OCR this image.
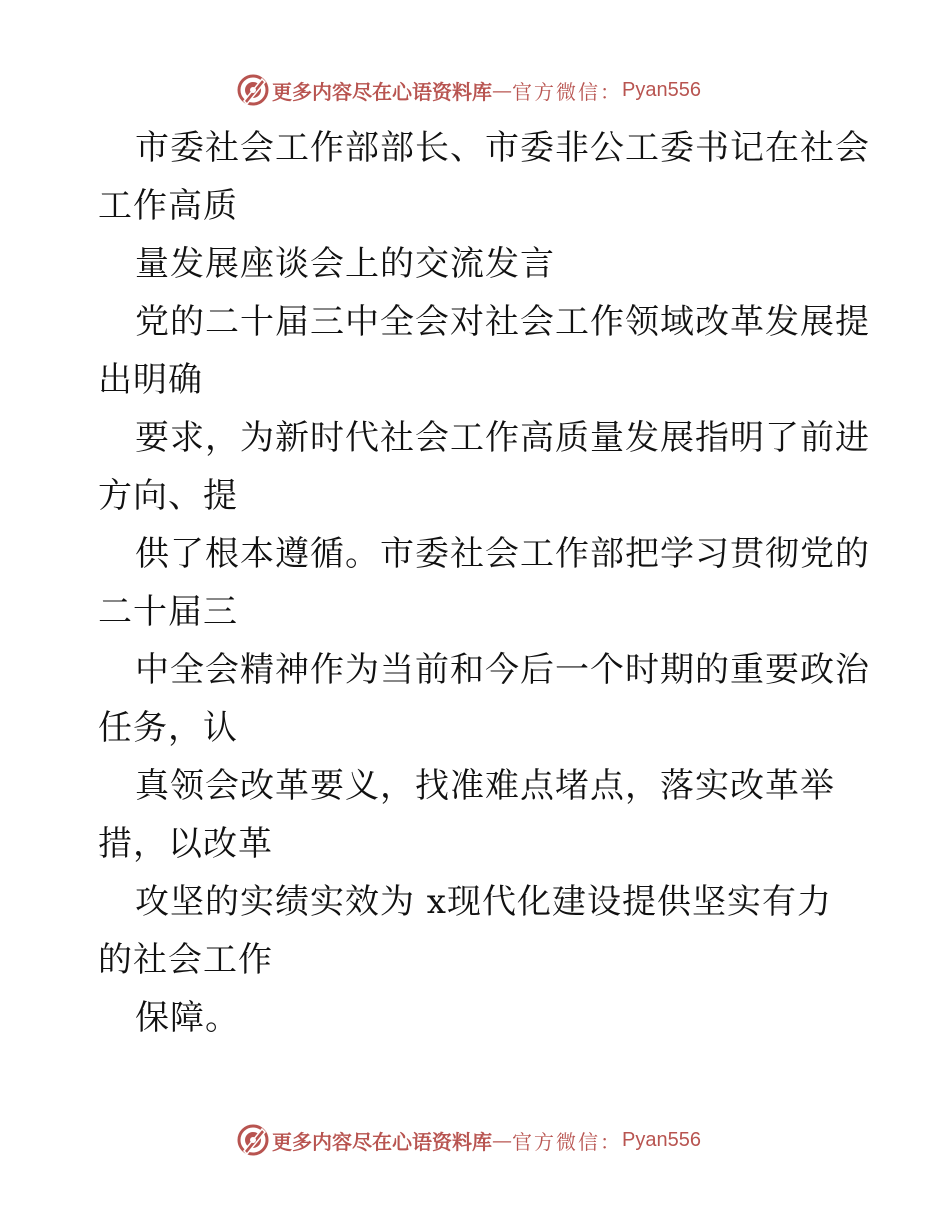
更多内容尽在心语资料库 — 官方微信： Pyan556
市委社会工作部部长、市委非公工委书记在社会
工作高质
量发展座谈会上的交流发言
党的二十届三中全会对社会工作领域改革发展提
出明确
要求，为新时代社会工作高质量发展指明了前进
方向、提
供了根本遵循。市委社会工作部把学习贯彻党的
二十届三
中全会精神作为当前和今后一个时期的重要政治
任务，认
真领会改革要义，找准难点堵点，落实改革举
措，以改革
攻坚的实绩实效为 x现代化建设提供坚实有力
的社会工作
保障。
更多内容尽在心语资料库 — 官方微信： Pyan556
